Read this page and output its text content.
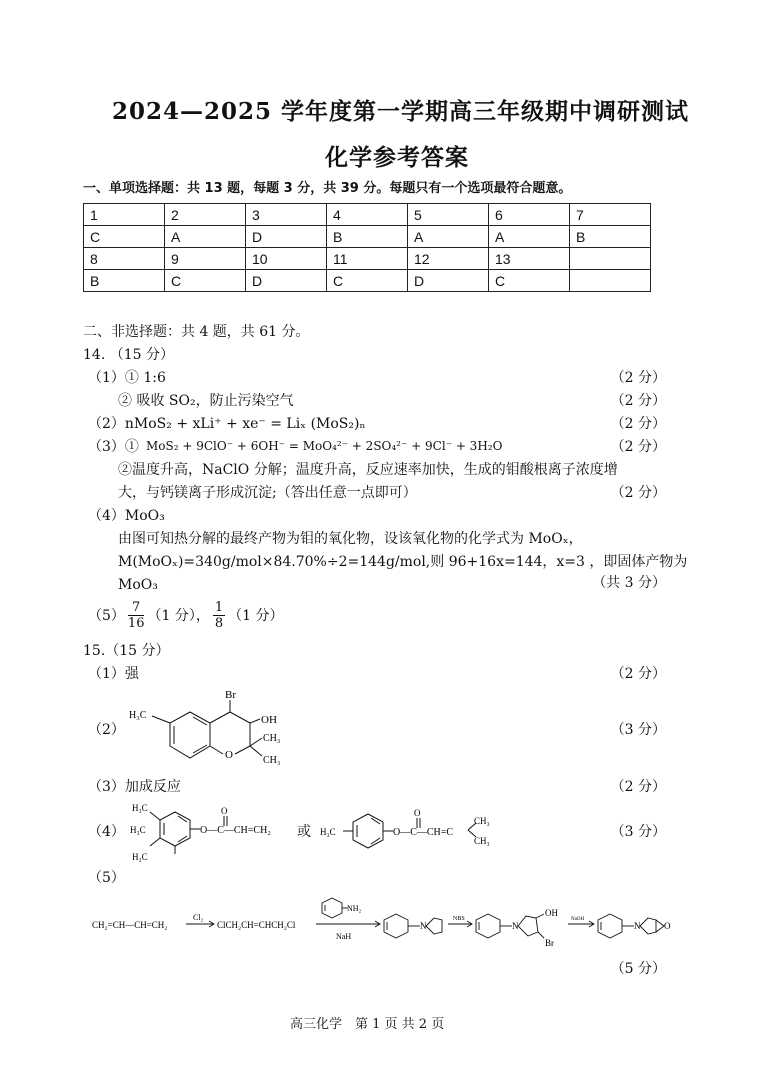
2024—2025 学年度第一学期高三年级期中调研测试
化学参考答案
一、单项选择题：共 13 题，每题 3 分，共 39 分。每题只有一个选项最符合题意。
1	2	3	4	5	6	7
C	A	D	B	A	A	B
8	9	10	11	12	13	
B	C	D	C	D	C	
二、非选择题：共 4 题，共 61 分。
14. （15 分）
（1）① 1:6	（2 分）
② 吸收 SO₂，防止污染空气	（2 分）
（2）nMoS₂ + xLi⁺ + xe⁻ = Liₓ (MoS₂)ₙ	（2 分）
（3）① MoS₂ + 9ClO⁻ + 6OH⁻ = MoO₄²⁻ + 2SO₄²⁻ + 9Cl⁻ + 3H₂O	（2 分）
②温度升高，NaClO 分解；温度升高，反应速率加快，生成的钼酸根离子浓度增
大，与钙镁离子形成沉淀;（答出任意一点即可）	（2 分）
（4）MoO₃
由图可知热分解的最终产物为钼的氧化物，设该氧化物的化学式为 MoOₓ，
M(MoOₓ)=340g/mol×84.70%÷2=144g/mol,则 96+16x=144，x=3 ，即固体产物为
MoO₃	（共 3 分）
$(5) \frac{7}{16} (1$ 分）， $\frac{1}{8} (1$ 分）
15.（15 分）
（1）强	（2 分）
（2）	（3 分）
Br
OH
CH₃
CH₃
O
H₃C
（3）加成反应	（2 分）
（4）	（3 分）
H₃C
H₃C
H₃C
O—C—CH=CH₂
O
或 H₃C	O—C—CH=C
O
CH₃
CH₃
（5）
CH₂=CH—CH=CH₂
Cl₂
ClCH₂CH=CHCH₂Cl
NH₂
NaH
N
NBS
N
OH
Br
NaOH
N	O
（5 分）
高三化学　第 1 页 共 2 页
